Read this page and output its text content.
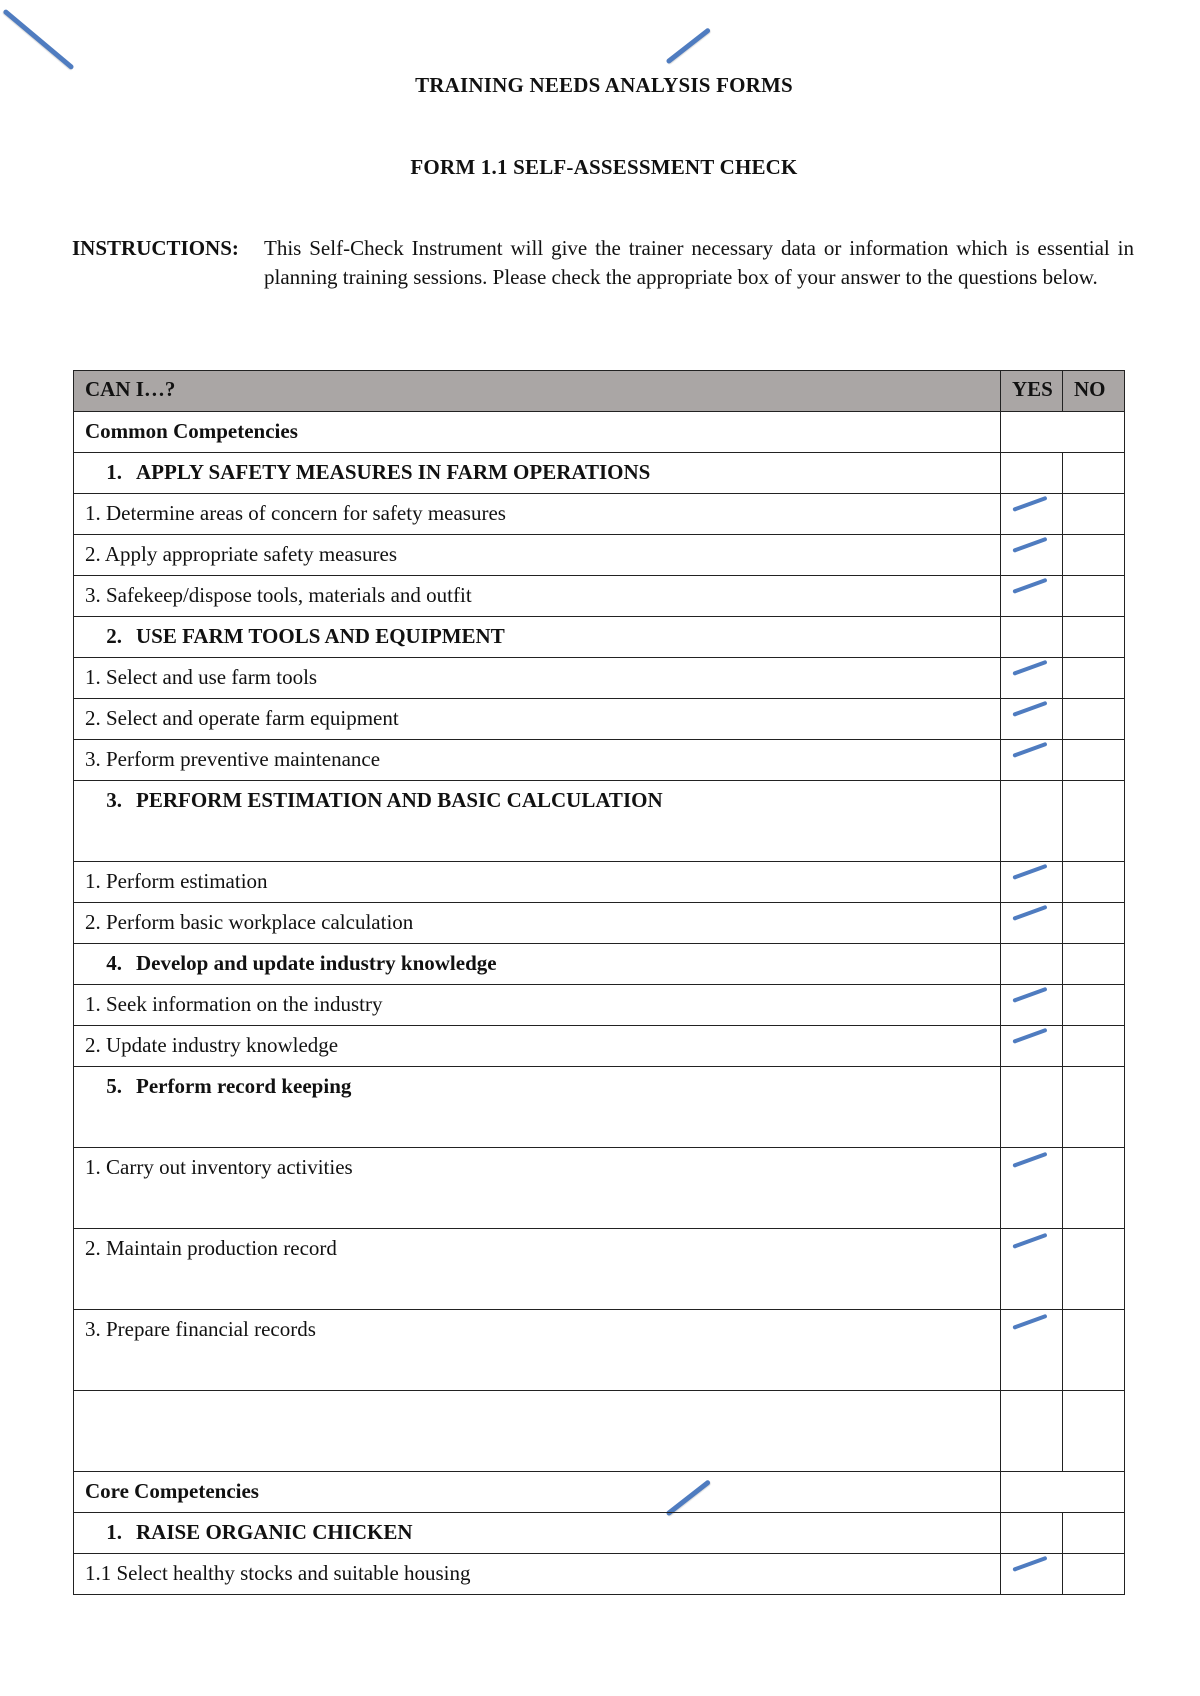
TRAINING NEEDS ANALYSIS FORMS
FORM 1.1 SELF-ASSESSMENT CHECK
INSTRUCTIONS: This Self-Check Instrument will give the trainer necessary data or information which is essential in planning training sessions. Please check the appropriate box of your answer to the questions below.
CAN I…?	YES	NO
Common Competencies		
1. APPLY SAFETY MEASURES IN FARM OPERATIONS		
1. Determine areas of concern for safety measures	

2. Apply appropriate safety measures	

3. Safekeep/dispose tools, materials and outfit	

2. USE FARM TOOLS AND EQUIPMENT		
1. Select and use farm tools	

2. Select and operate farm equipment	

3. Perform preventive maintenance	

3. PERFORM ESTIMATION AND BASIC CALCULATION		
1. Perform estimation	

2. Perform basic workplace calculation	

4. Develop and update industry knowledge		
1. Seek information on the industry	

2. Update industry knowledge	

5. Perform record keeping		
1. Carry out inventory activities	

2. Maintain production record	

3. Prepare financial records	

Core Competencies		
1. RAISE ORGANIC CHICKEN		
1.1 Select healthy stocks and suitable housing	
